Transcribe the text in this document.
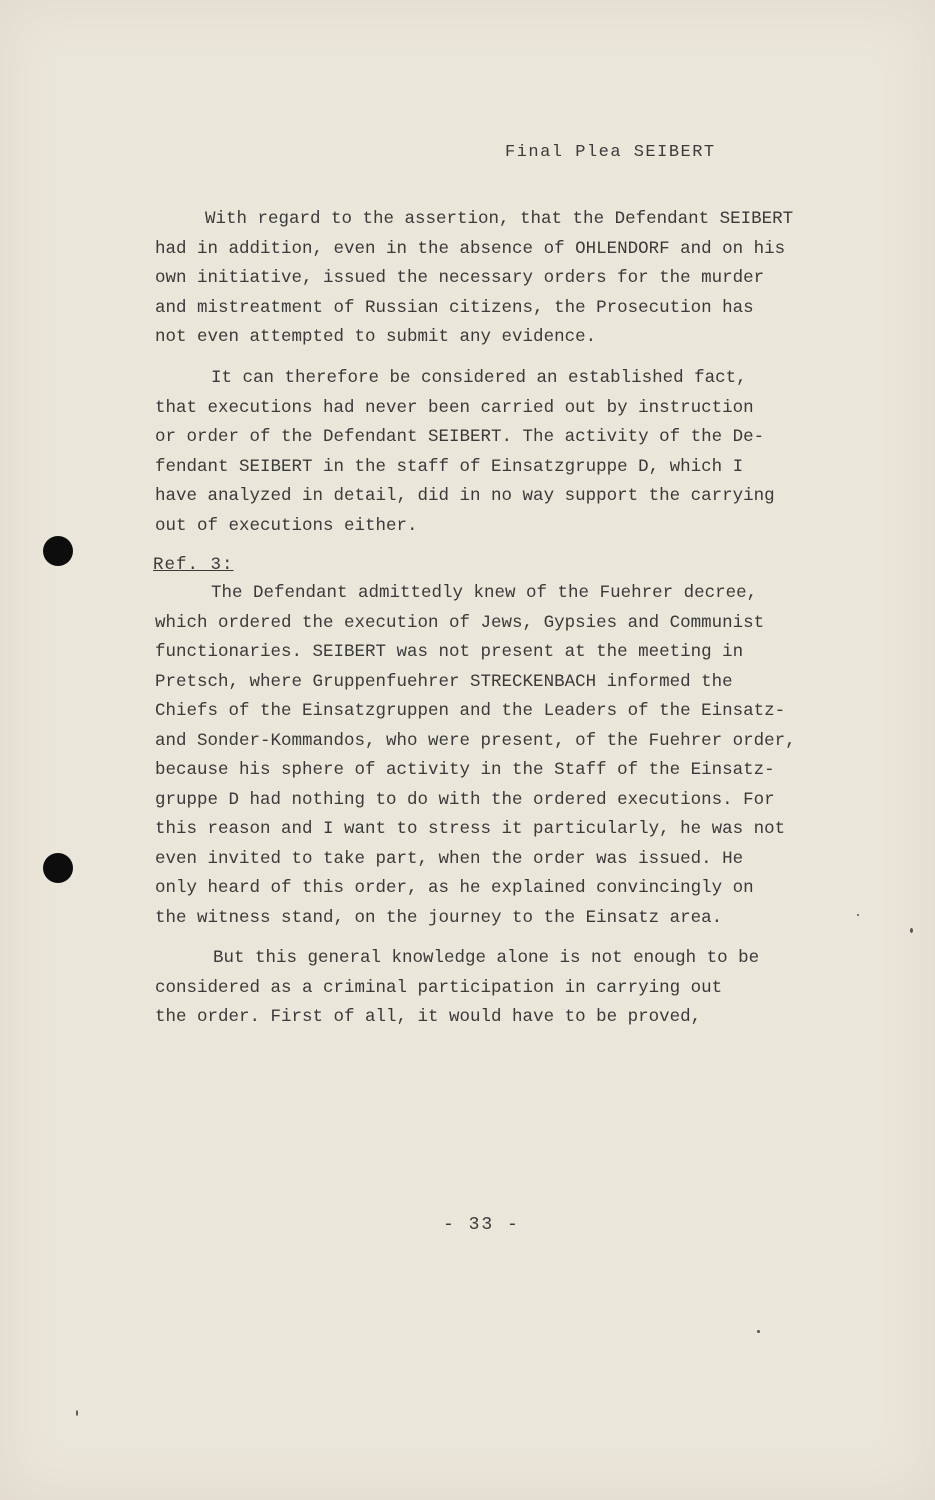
Final Plea SEIBERT
With regard to the assertion, that the Defendant SEIBERT
had in addition, even in the absence of OHLENDORF and on his
own initiative, issued the necessary orders for the murder
and mistreatment of Russian citizens, the Prosecution has
not even attempted to submit any evidence.
It can therefore be considered an established fact,
that executions had never been carried out by instruction
or order of the Defendant SEIBERT. The activity of the De-
fendant SEIBERT in the staff of Einsatzgruppe D, which I
have analyzed in detail, did in no way support the carrying
out of executions either.
Ref. 3:
The Defendant admittedly knew of the Fuehrer decree,
which ordered the execution of Jews, Gypsies and Communist
functionaries. SEIBERT was not present at the meeting in
Pretsch, where Gruppenfuehrer STRECKENBACH informed the
Chiefs of the Einsatzgruppen and the Leaders of the Einsatz-
and Sonder-Kommandos, who were present, of the Fuehrer order,
because his sphere of activity in the Staff of the Einsatz-
gruppe D had nothing to do with the ordered executions. For
this reason and I want to stress it particularly, he was not
even invited to take part, when the order was issued. He
only heard of this order, as he explained convincingly on
the witness stand, on the journey to the Einsatz area.
But this general knowledge alone is not enough to be
considered as a criminal participation in carrying out
the order. First of all, it would have to be proved,
- 33 -
